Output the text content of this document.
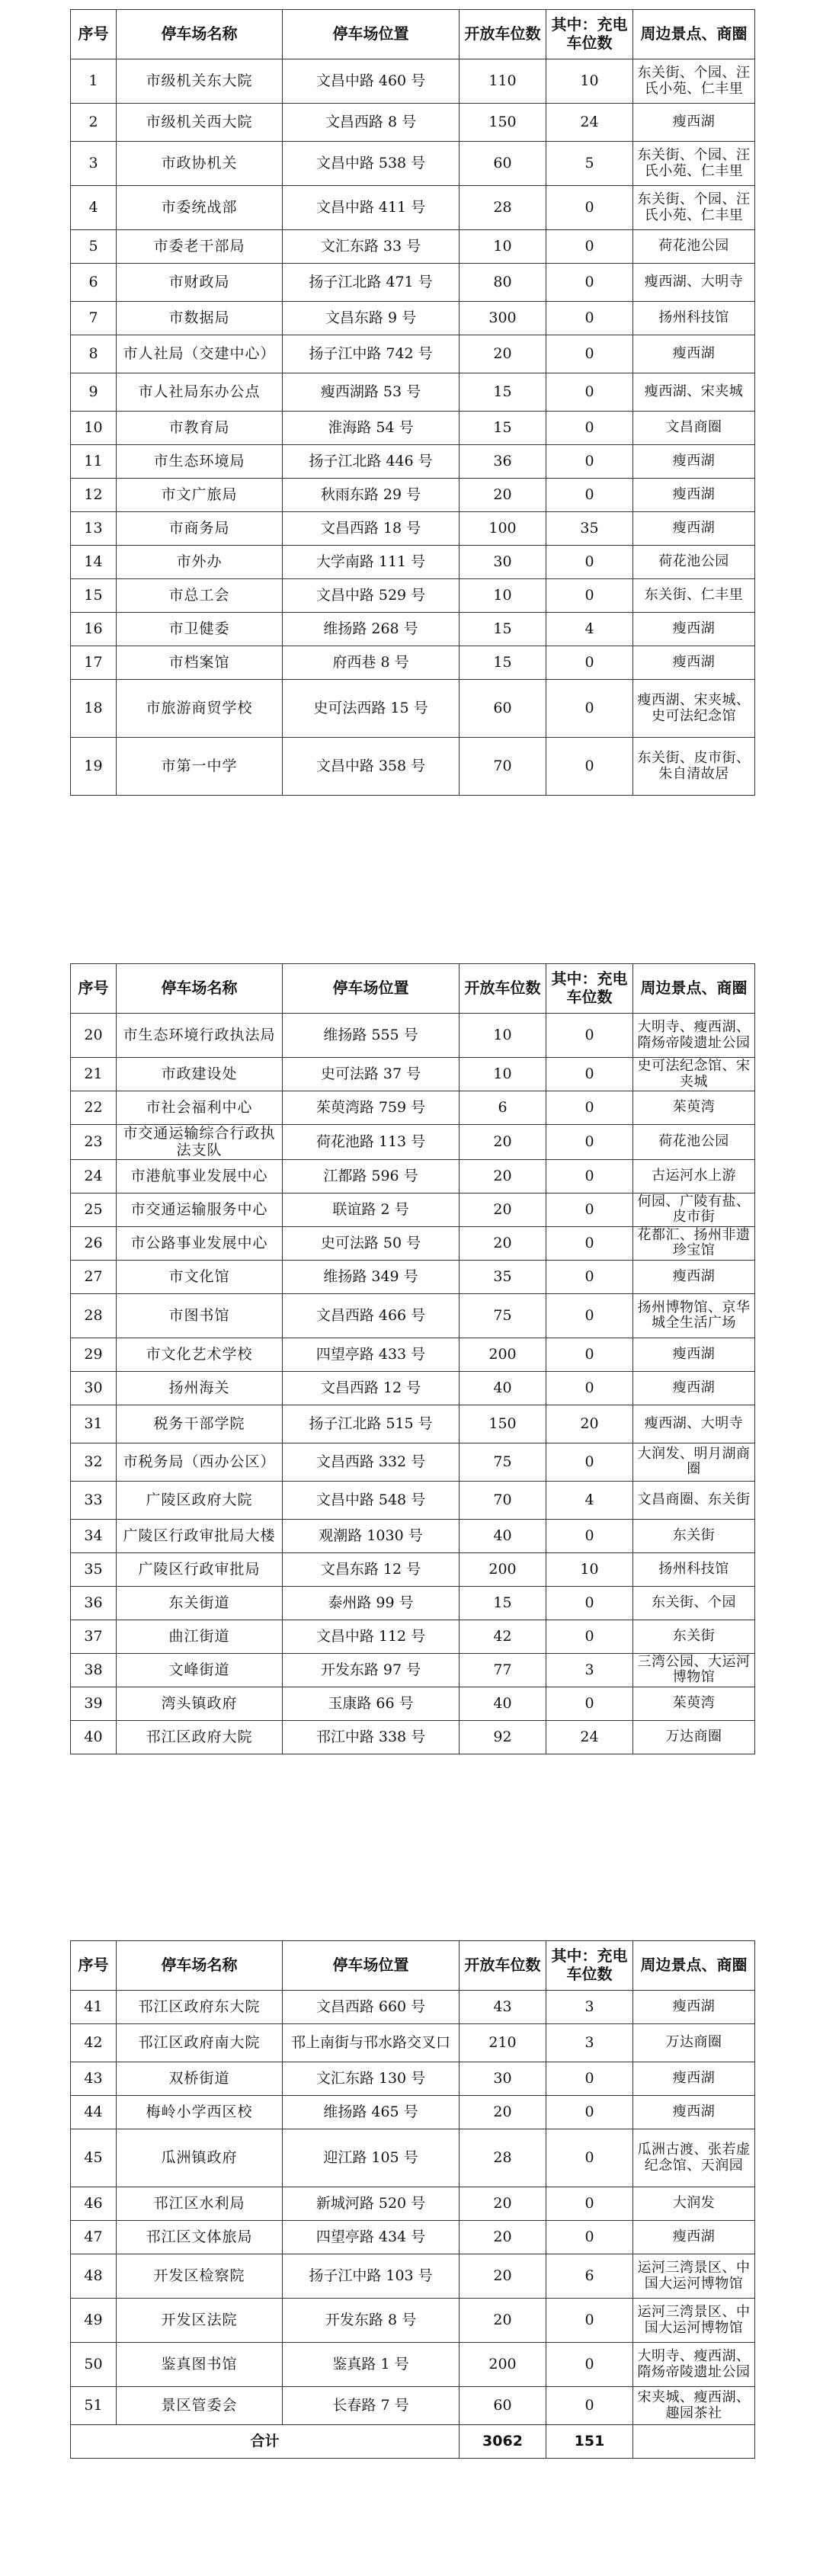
序号	停车场名称	停车场位置	开放车位数	其中：充电车位数	周边景点、商圈
1	市级机关东大院	文昌中路 460 号	110	10	东关街、个园、汪氏小苑、仁丰里
2	市级机关西大院	文昌西路 8 号	150	24	瘦西湖
3	市政协机关	文昌中路 538 号	60	5	东关街、个园、汪氏小苑、仁丰里
4	市委统战部	文昌中路 411 号	28	0	东关街、个园、汪氏小苑、仁丰里
5	市委老干部局	文汇东路 33 号	10	0	荷花池公园
6	市财政局	扬子江北路 471 号	80	0	瘦西湖、大明寺
7	市数据局	文昌东路 9 号	300	0	扬州科技馆
8	市人社局（交建中心）	扬子江中路 742 号	20	0	瘦西湖
9	市人社局东办公点	瘦西湖路 53 号	15	0	瘦西湖、宋夹城
10	市教育局	淮海路 54 号	15	0	文昌商圈
11	市生态环境局	扬子江北路 446 号	36	0	瘦西湖
12	市文广旅局	秋雨东路 29 号	20	0	瘦西湖
13	市商务局	文昌西路 18 号	100	35	瘦西湖
14	市外办	大学南路 111 号	30	0	荷花池公园
15	市总工会	文昌中路 529 号	10	0	东关街、仁丰里
16	市卫健委	维扬路 268 号	15	4	瘦西湖
17	市档案馆	府西巷 8 号	15	0	瘦西湖
18	市旅游商贸学校	史可法西路 15 号	60	0	瘦西湖、宋夹城、史可法纪念馆
19	市第一中学	文昌中路 358 号	70	0	东关街、皮市街、朱自清故居
序号	停车场名称	停车场位置	开放车位数	其中：充电车位数	周边景点、商圈
20	市生态环境行政执法局	维扬路 555 号	10	0	大明寺、瘦西湖、隋炀帝陵遗址公园
21	市政建设处	史可法路 37 号	10	0	史可法纪念馆、宋夹城
22	市社会福利中心	茱萸湾路 759 号	6	0	茱萸湾
23	市交通运输综合行政执法支队	荷花池路 113 号	20	0	荷花池公园
24	市港航事业发展中心	江都路 596 号	20	0	古运河水上游
25	市交通运输服务中心	联谊路 2 号	20	0	何园、广陵有盐、皮市街
26	市公路事业发展中心	史可法路 50 号	20	0	花都汇、扬州非遗珍宝馆
27	市文化馆	维扬路 349 号	35	0	瘦西湖
28	市图书馆	文昌西路 466 号	75	0	扬州博物馆、京华城全生活广场
29	市文化艺术学校	四望亭路 433 号	200	0	瘦西湖
30	扬州海关	文昌西路 12 号	40	0	瘦西湖
31	税务干部学院	扬子江北路 515 号	150	20	瘦西湖、大明寺
32	市税务局（西办公区）	文昌西路 332 号	75	0	大润发、明月湖商圈
33	广陵区政府大院	文昌中路 548 号	70	4	文昌商圈、东关街
34	广陵区行政审批局大楼	观潮路 1030 号	40	0	东关街
35	广陵区行政审批局	文昌东路 12 号	200	10	扬州科技馆
36	东关街道	泰州路 99 号	15	0	东关街、个园
37	曲江街道	文昌中路 112 号	42	0	东关街
38	文峰街道	开发东路 97 号	77	3	三湾公园、大运河博物馆
39	湾头镇政府	玉康路 66 号	40	0	茱萸湾
40	邗江区政府大院	邗江中路 338 号	92	24	万达商圈
序号	停车场名称	停车场位置	开放车位数	其中：充电车位数	周边景点、商圈
41	邗江区政府东大院	文昌西路 660 号	43	3	瘦西湖
42	邗江区政府南大院	邗上南街与邗水路交叉口	210	3	万达商圈
43	双桥街道	文汇东路 130 号	30	0	瘦西湖
44	梅岭小学西区校	维扬路 465 号	20	0	瘦西湖
45	瓜洲镇政府	迎江路 105 号	28	0	瓜洲古渡、张若虚纪念馆、天润园
46	邗江区水利局	新城河路 520 号	20	0	大润发
47	邗江区文体旅局	四望亭路 434 号	20	0	瘦西湖
48	开发区检察院	扬子江中路 103 号	20	6	运河三湾景区、中国大运河博物馆
49	开发区法院	开发东路 8 号	20	0	运河三湾景区、中国大运河博物馆
50	鉴真图书馆	鉴真路 1 号	200	0	大明寺、瘦西湖、隋炀帝陵遗址公园
51	景区管委会	长春路 7 号	60	0	宋夹城、瘦西湖、趣园茶社
合计			3062	151	
